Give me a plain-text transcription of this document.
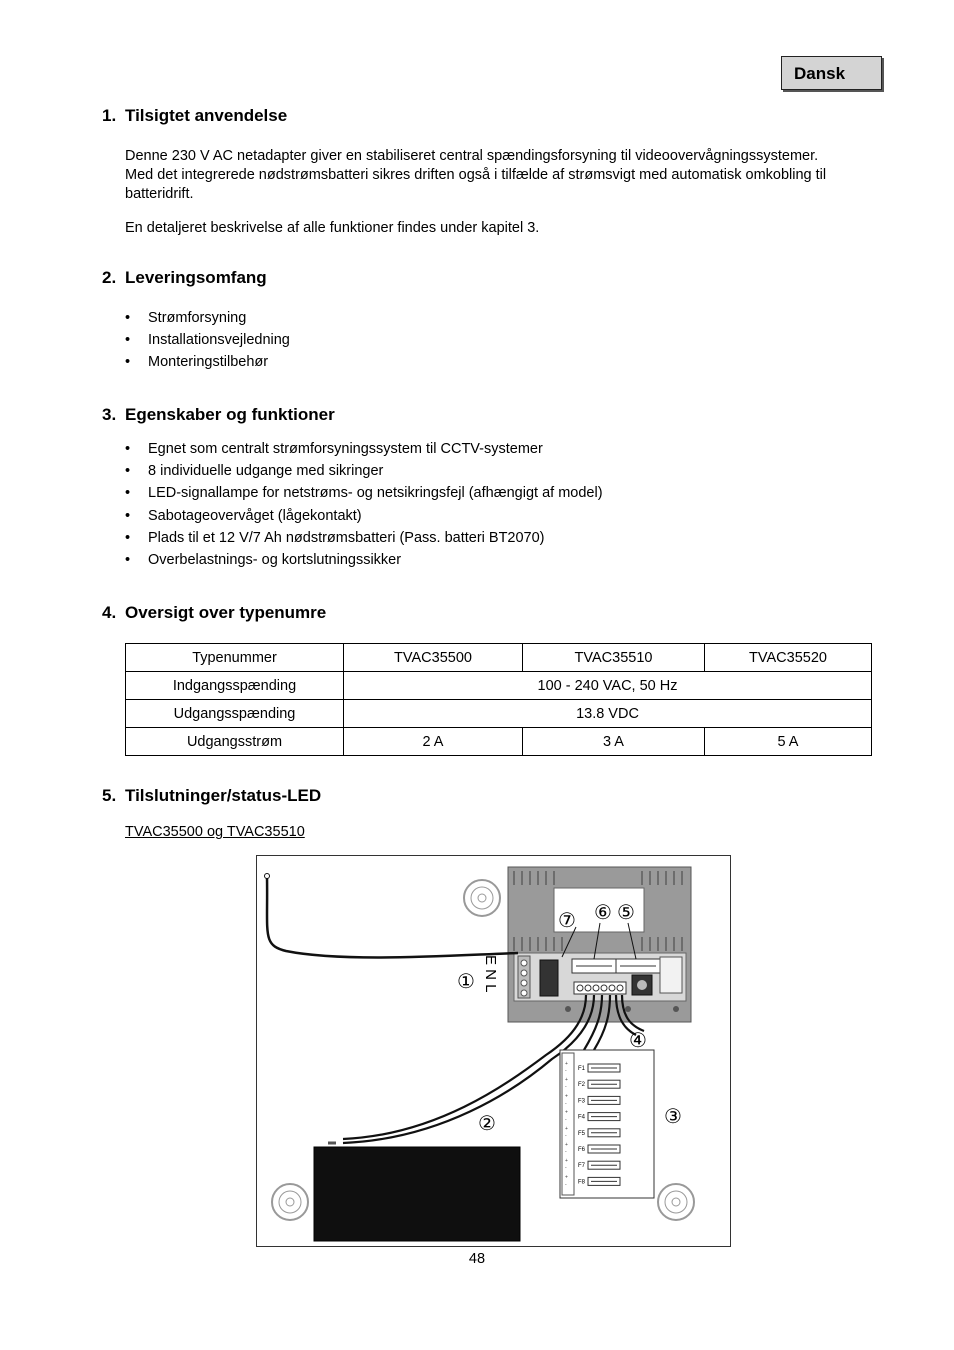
Dansk
1. Tilsigtet anvendelse

Denne 230 V AC netadapter giver en stabiliseret central spændingsforsyning til videoovervågningssystemer. Med det integrerede nødstrømsbatteri sikres driften også i tilfælde af strømsvigt med automatisk omkobling til batteridrift.

En detaljeret beskrivelse af alle funktioner findes under kapitel 3.

2. Leveringsomfang
• Strømforsyning
• Installationsvejledning
• Monteringstilbehør
3. Egenskaber og funktioner
• Egnet som centralt strømforsyningssystem til CCTV-systemer
• 8 individuelle udgange med sikringer
• LED-signallampe for netstrøms- og netsikringsfejl (afhængigt af model)
• Sabotageovervåget (lågekontakt)
• Plads til et 12 V/7 Ah nødstrømsbatteri (Pass. batteri BT2070)
• Overbelastnings- og kortslutningssikker
4. Oversigt over typenumre
Typenummer	TVAC35500	TVAC35510	TVAC35520
Indgangsspænding	100 - 240 VAC, 50 Hz		
Udgangsspænding	13.8 VDC		
Udgangsstrøm	2 A	3 A	5 A
5. Tilslutninger/status-LED
TVAC35500 og TVAC35510
F1
+
-
F2
+
-
F3
+
-
F4
+
-
F5
+
-
F6
+
-
F7
+
-
F8
+
-
①
②	③
④
⑤
⑥
⑦
E N L
48
